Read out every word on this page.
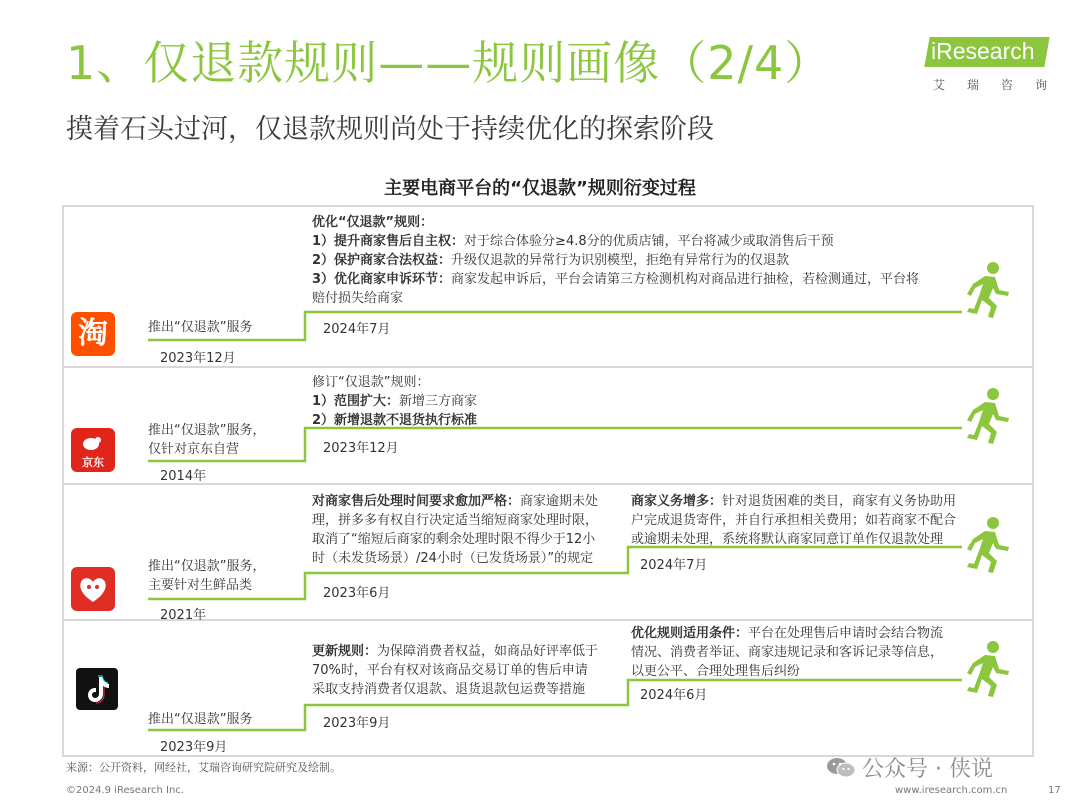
1、仅退款规则——规则画像（2/4）
摸着石头过河，仅退款规则尚处于持续优化的探索阶段
iResearch
艾瑞咨询
主要电商平台的“仅退款”规则衍变过程
淘	推出“仅退款”服务
2023年12月
优化“仅退款”规则：
1）提升商家售后自主权：对于综合体验分≥4.8分的优质店铺，平台将减少或取消售后干预
2）保护商家合法权益：升级仅退款的异常行为识别模型，拒绝有异常行为的仅退款
3）优化商家申诉环节：商家发起申诉后，平台会请第三方检测机构对商品进行抽检，若检测通过，平台将
赔付损失给商家
2024年7月
京东
推出“仅退款”服务，
仅针对京东自营
2014年
修订“仅退款”规则：
1）范围扩大：新增三方商家
2）新增退款不退货执行标准
2023年12月
推出“仅退款”服务，
主要针对生鲜品类
2021年
对商家售后处理时间要求愈加严格：商家逾期未处
理，拼多多有权自行决定适当缩短商家处理时限，
取消了“缩短后商家的剩余处理时限不得少于12小
时（未发货场景）/24小时（已发货场景）”的规定
2023年6月
商家义务增多：针对退货困难的类目，商家有义务协助用
户完成退货寄件，并自行承担相关费用；如若商家不配合
或逾期未处理，系统将默认商家同意订单作仅退款处理
2024年7月
推出“仅退款”服务
2023年9月
更新规则：为保障消费者权益，如商品好评率低于
70%时，平台有权对该商品交易订单的售后申请
采取支持消费者仅退款、退货退款包运费等措施
2023年9月
优化规则适用条件：平台在处理售后申请时会结合物流
情况、消费者举证、商家违规记录和客诉记录等信息，
以更公平、合理处理售后纠纷
2024年6月
来源：公开资料，网经社，艾瑞咨询研究院研究及绘制。	公众号 · 侠说
©2024.9 iResearch Inc.	www.iresearch.com.cn	17
